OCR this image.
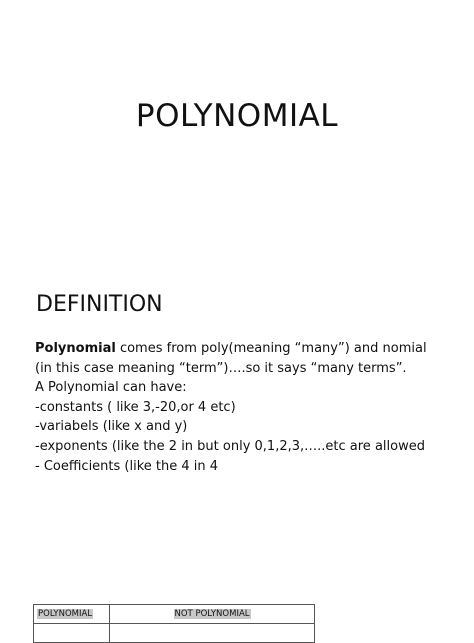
POLYNOMIAL
DEFINITION

Polynomial comes from poly(meaning “many”) and nomial (in this case meaning “term”)….so it says “many terms”.

A Polynomial can have:

-constants ( like 3,-20,or 4 etc)

-variabels (like x and y)

-exponents (like the 2 in but only 0,1,2,3,…..etc are allowed

- Coefficients (like the 4 in 4

POLYNOMIAL	NOT POLYNOMIAL
